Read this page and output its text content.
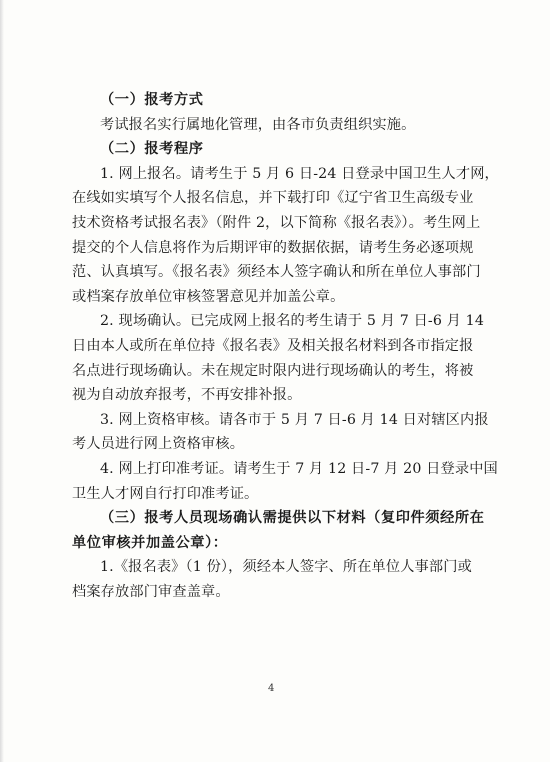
（一）报考方式
考试报名实行属地化管理，由各市负责组织实施。
（二）报考程序
1. 网上报名。请考生于 5 月 6 日-24 日登录中国卫生人才网，
在线如实填写个人报名信息，并下载打印《辽宁省卫生高级专业
技术资格考试报名表》（附件 2，以下简称《报名表》）。考生网上
提交的个人信息将作为后期评审的数据依据，请考生务必逐项规
范、认真填写。《报名表》须经本人签字确认和所在单位人事部门
或档案存放单位审核签署意见并加盖公章。
2. 现场确认。已完成网上报名的考生请于 5 月 7 日-6 月 14
日由本人或所在单位持《报名表》及相关报名材料到各市指定报
名点进行现场确认。未在规定时限内进行现场确认的考生，将被
视为自动放弃报考，不再安排补报。
3. 网上资格审核。请各市于 5 月 7 日-6 月 14 日对辖区内报
考人员进行网上资格审核。
4. 网上打印准考证。请考生于 7 月 12 日-7 月 20 日登录中国
卫生人才网自行打印准考证。
（三）报考人员现场确认需提供以下材料（复印件须经所在
单位审核并加盖公章）：
1.《报名表》（1 份），须经本人签字、所在单位人事部门或
档案存放部门审查盖章。
4
